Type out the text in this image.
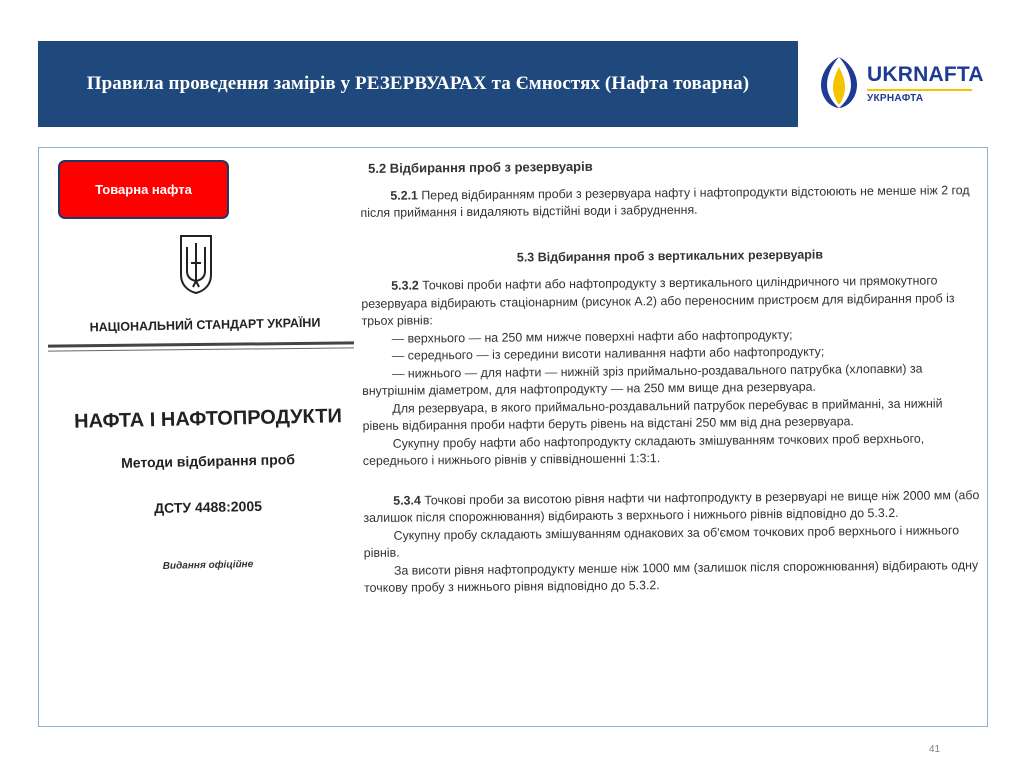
Правила проведення замірів у РЕЗЕРВУАРАХ та Ємностях (Нафта товарна)	UKRNAFTA
УКРНАФТА
Товарна нафта
НАЦІОНАЛЬНИЙ СТАНДАРТ УКРАЇНИ
НАФТА І НАФТОПРОДУКТИ
Методи відбирання проб
ДСТУ 4488:2005
Видання офіційне

5.2 Відбирання проб з резервуарів

5.2.1 Перед відбиранням проби з резервуара нафту і нафтопродукти відстоюють не менше ніж 2 год після приймання і видаляють відстійні води і забруднення.

5.3 Відбирання проб з вертикальних резервуарів

5.3.2 Точкові проби нафти або нафтопродукту з вертикального циліндричного чи прямокутного резервуара відбирають стаціонарним (рисунок А.2) або переносним пристроєм для відбирання проб із трьох рівнів:

— верхнього — на 250 мм нижче поверхні нафти або нафтопродукту;

— середнього — із середини висоти наливання нафти або нафтопродукту;

— нижнього — для нафти — нижній зріз приймально-роздавального патрубка (хлопавки) за внутрішнім діаметром, для нафтопродукту — на 250 мм вище дна резервуара.

Для резервуара, в якого приймально-роздавальний патрубок перебуває в прийманні, за нижній рівень відбирання проби нафти беруть рівень на відстані 250 мм від дна резервуара.

Сукупну пробу нафти або нафтопродукту складають змішуванням точкових проб верхнього, середнього і нижнього рівнів у співвідношенні 1:3:1.

5.3.4 Точкові проби за висотою рівня нафти чи нафтопродукту в резервуарі не вище ніж 2000 мм (або залишок після спорожнювання) відбирають з верхнього і нижнього рівнів відповідно до 5.3.2.

Сукупну пробу складають змішуванням однакових за об'ємом точкових проб верхнього і нижнього рівнів.

За висоти рівня нафтопродукту менше ніж 1000 мм (залишок після спорожнювання) відбирають одну точкову пробу з нижнього рівня відповідно до 5.3.2.

41
